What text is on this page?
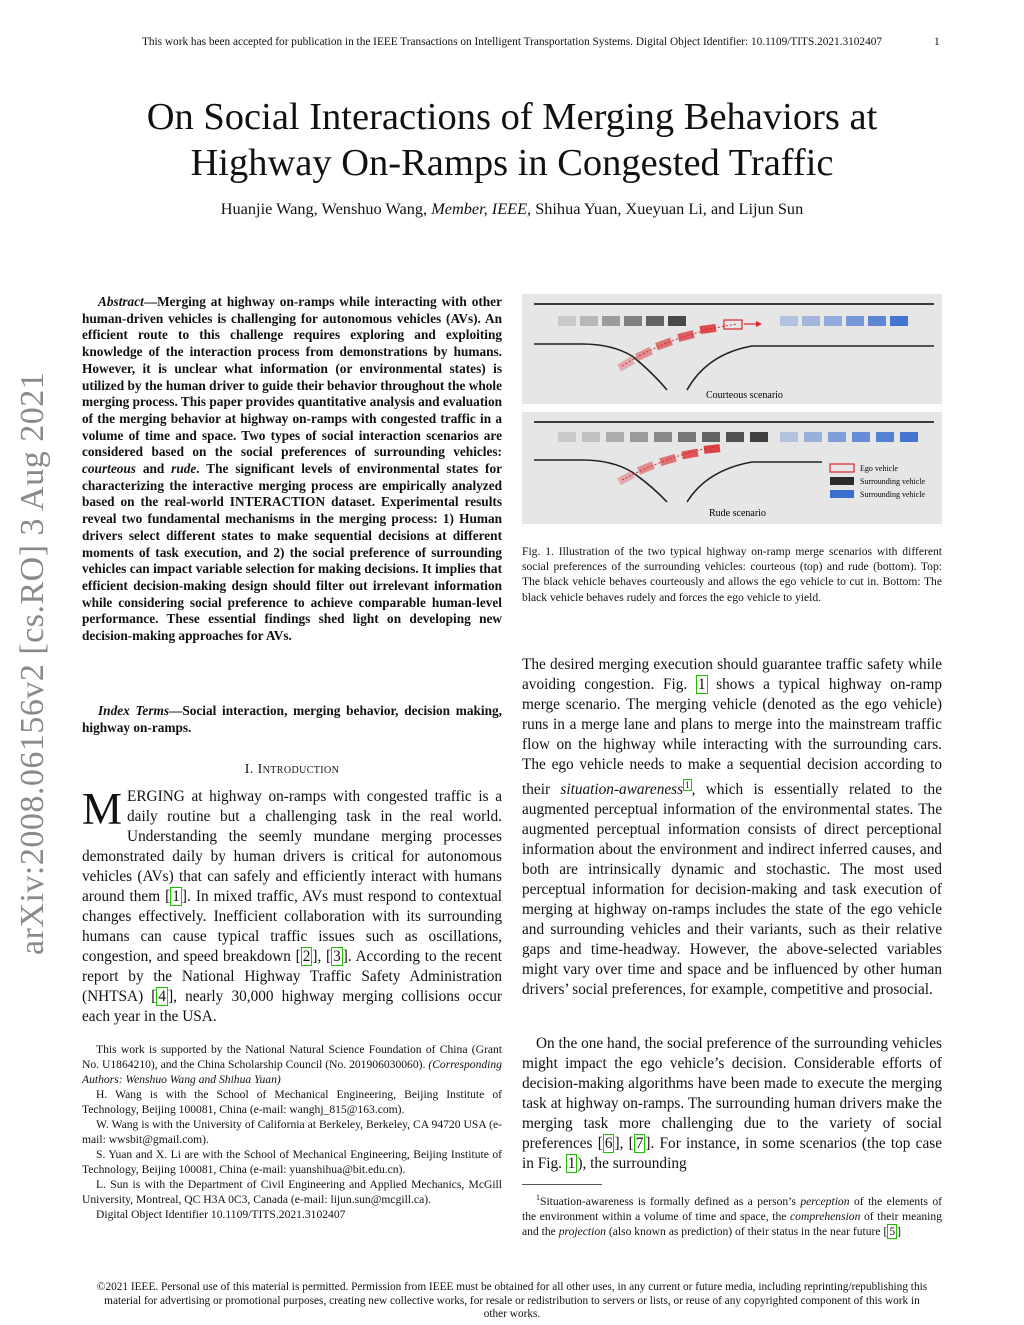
This work has been accepted for publication in the IEEE Transactions on Intelligent Transportation Systems. Digital Object Identifier: 10.1109/TITS.2021.3102407	1
arXiv:2008.06156v2 [cs.RO] 3 Aug 2021
On Social Interactions of Merging Behaviors at
Highway On-Ramps in Congested Traffic
Huanjie Wang, Wenshuo Wang, Member, IEEE, Shihua Yuan, Xueyuan Li, and Lijun Sun

Abstract—Merging at highway on-ramps while interacting with other human-driven vehicles is challenging for autonomous vehicles (AVs). An efficient route to this challenge requires exploring and exploiting knowledge of the interaction process from demonstrations by humans. However, it is unclear what information (or environmental states) is utilized by the human driver to guide their behavior throughout the whole merging process. This paper provides quantitative analysis and evaluation of the merging behavior at highway on-ramps with congested traffic in a volume of time and space. Two types of social interaction scenarios are considered based on the social preferences of surrounding vehicles: courteous and rude. The significant levels of environmental states for characterizing the interactive merging process are empirically analyzed based on the real-world INTERACTION dataset. Experimental results reveal two fundamental mechanisms in the merging process: 1) Human drivers select different states to make sequential decisions at different moments of task execution, and 2) the social preference of surrounding vehicles can impact variable selection for making decisions. It implies that efficient decision-making design should filter out irrelevant information while considering social preference to achieve comparable human-level performance. These essential findings shed light on developing new decision-making approaches for AVs.

Index Terms—Social interaction, merging behavior, decision making, highway on-ramps.
I. Introduction
MERGING at highway on-ramps with congested traffic is a daily routine but a challenging task in the real world. Understanding the seemly mundane merging processes demonstrated daily by human drivers is critical for autonomous vehicles (AVs) that can safely and efficiently interact with humans around them [ 1 ]. In mixed traffic, AVs must respond to contextual changes effectively. Inefficient collaboration with its surrounding humans can cause typical traffic issues such as oscillations, congestion, and speed breakdown [ 2 ], [ 3 ]. According to the recent report by the National Highway Traffic Safety Administration (NHTSA) [ 4 ], nearly 30,000 highway merging collisions occur each year in the USA.

This work is supported by the National Natural Science Foundation of China (Grant No. U1864210), and the China Scholarship Council (No. 201906030060). (Corresponding Authors: Wenshuo Wang and Shihua Yuan)

H. Wang is with the School of Mechanical Engineering, Beijing Institute of Technology, Beijing 100081, China (e-mail: wanghj_815@163.com).

W. Wang is with the University of California at Berkeley, Berkeley, CA 94720 USA (e-mail: wwsbit@gmail.com).

S. Yuan and X. Li are with the School of Mechanical Engineering, Beijing Institute of Technology, Beijing 100081, China (e-mail: yuanshihua@bit.edu.cn).

L. Sun is with the Department of Civil Engineering and Applied Mechanics, McGill University, Montreal, QC H3A 0C3, Canada (e-mail: lijun.sun@mcgill.ca).

Digital Object Identifier 10.1109/TITS.2021.3102407

Courteous scenario
Ego vehicle
Surrounding vehicle
Surrounding vehicle
Rude scenario
Fig. 1. Illustration of the two typical highway on-ramp merge scenarios with different social preferences of the surrounding vehicles: courteous (top) and rude (bottom). Top: The black vehicle behaves courteously and allows the ego vehicle to cut in. Bottom: The black vehicle behaves rudely and forces the ego vehicle to yield.
The desired merging execution should guarantee traffic safety while avoiding congestion. Fig. 1 shows a typical highway on-ramp merge scenario. The merging vehicle (denoted as the ego vehicle) runs in a merge lane and plans to merge into the mainstream traffic flow on the highway while interacting with the surrounding cars. The ego vehicle needs to make a sequential decision according to their situation-awareness $^1$ , which is essentially related to the augmented perceptual information of the environmental states. The augmented perceptual information consists of direct perceptional information about the environment and indirect inferred causes, and both are intrinsically dynamic and stochastic. The most used perceptual information for decision-making and task execution of merging at highway on-ramps includes the state of the ego vehicle and surrounding vehicles and their variants, such as their relative gaps and time-headway. However, the above-selected variables might vary over time and space and be influenced by other human drivers’ social preferences, for example, competitive and prosocial.
On the one hand, the social preference of the surrounding vehicles might impact the ego vehicle’s decision. Considerable efforts of decision-making algorithms have been made to execute the merging task at highway on-ramps. The surrounding human drivers make the merging task more challenging due to the variety of social preferences [ 6 ], [ 7 ]. For instance, in some scenarios (the top case in Fig. 1 ), the surrounding
$^1$Situation-awareness is formally defined as a person’s perception of the elements of the environment within a volume of time and space, the comprehension of their meaning and the projection (also known as prediction) of their status in the near future [ 5 ]
©2021 IEEE. Personal use of this material is permitted. Permission from IEEE must be obtained for all other uses, in any current or future media, including reprinting/republishing this material for advertising or promotional purposes, creating new collective works, for resale or redistribution to servers or lists, or reuse of any copyrighted component of this work in other works.
